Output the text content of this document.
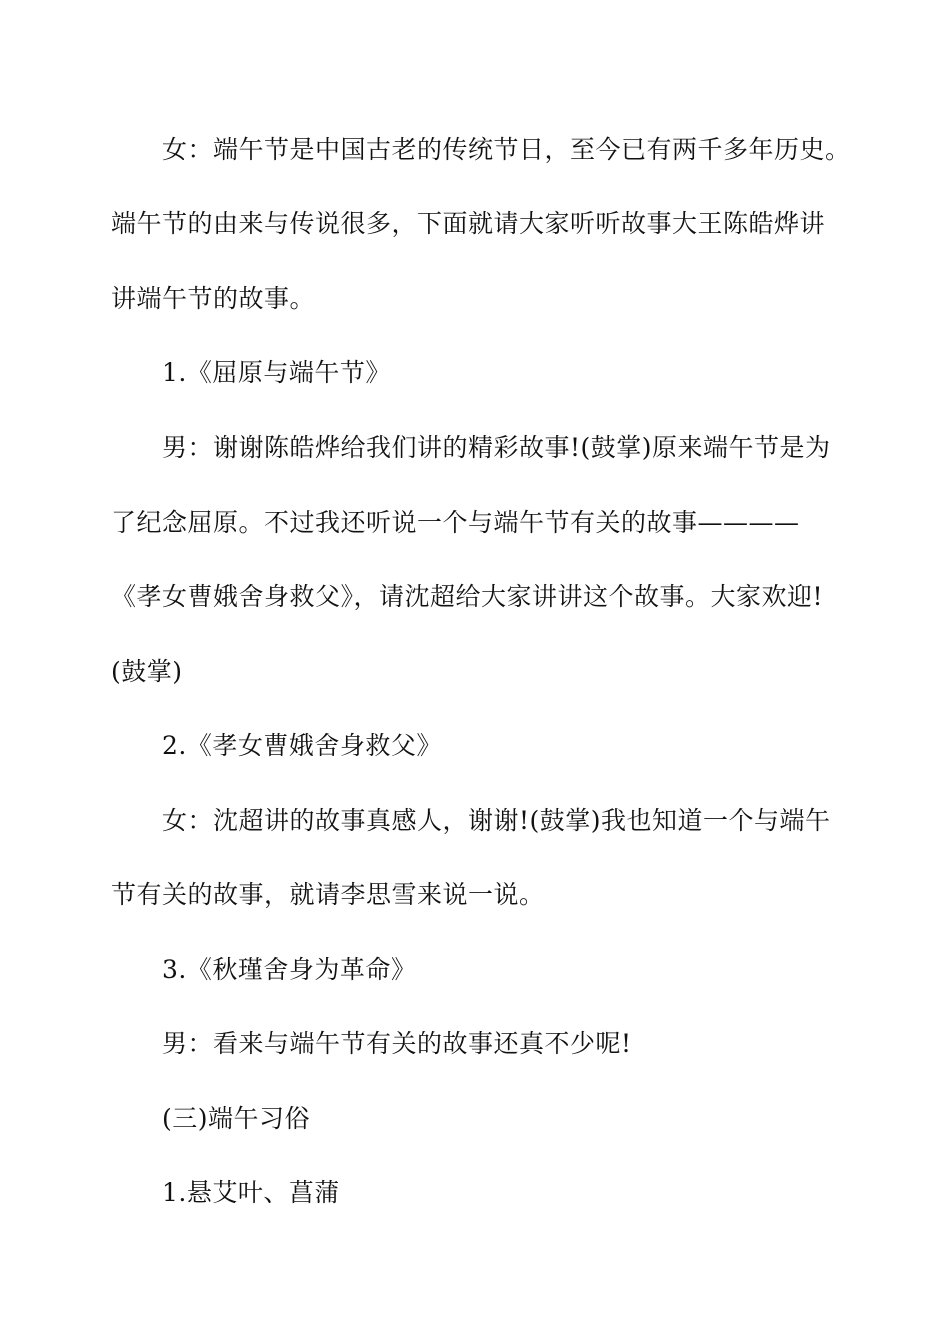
女：端午节是中国古老的传统节日，至今已有两千多年历史。
端午节的由来与传说很多，下面就请大家听听故事大王陈皓烨讲
讲端午节的故事。
1.《屈原与端午节》
男：谢谢陈皓烨给我们讲的精彩故事!(鼓掌)原来端午节是为
了纪念屈原。不过我还听说一个与端午节有关的故事————
《孝女曹娥舍身救父》，请沈超给大家讲讲这个故事。大家欢迎!
(鼓掌)
2.《孝女曹娥舍身救父》
女：沈超讲的故事真感人，谢谢!(鼓掌)我也知道一个与端午
节有关的故事，就请李思雪来说一说。
3.《秋瑾舍身为革命》
男：看来与端午节有关的故事还真不少呢!
(三)端午习俗
1.悬艾叶、菖蒲
